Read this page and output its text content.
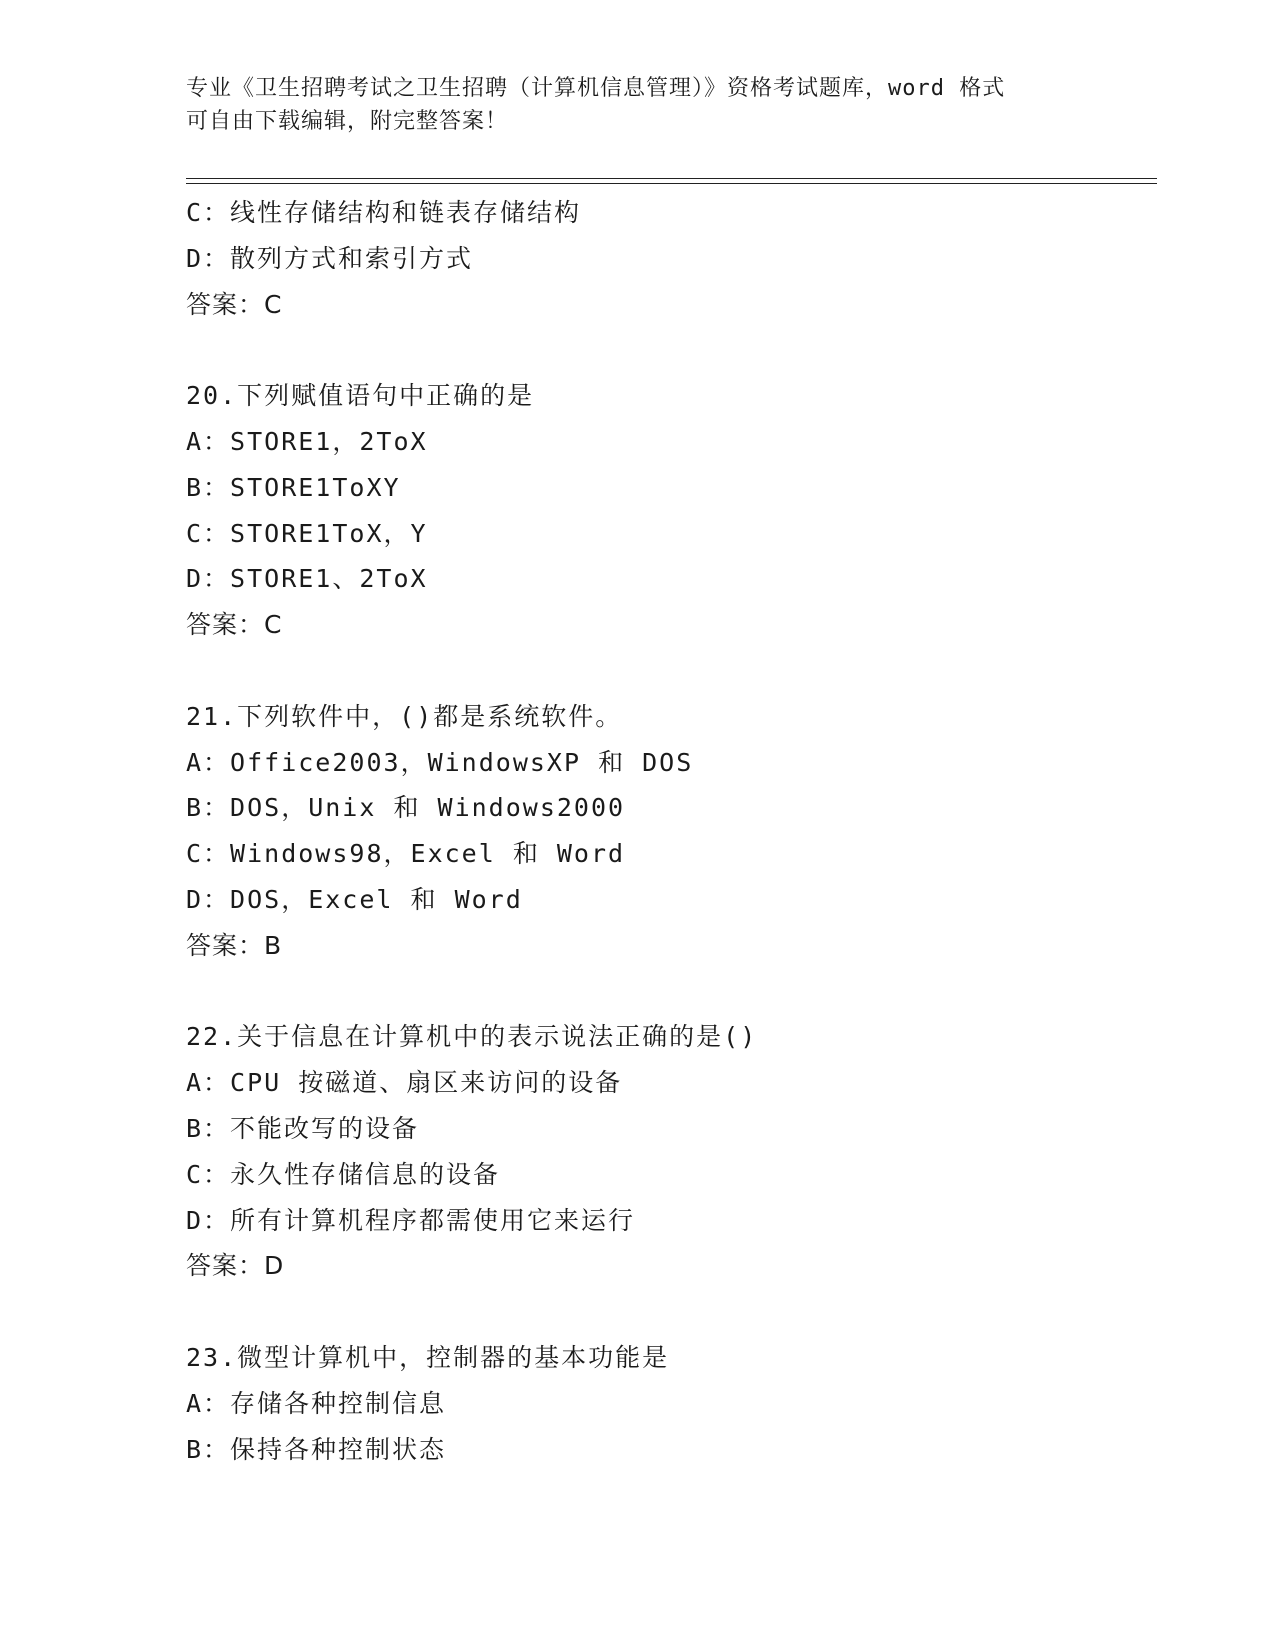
专业《卫生招聘考试之卫生招聘（计算机信息管理）》资格考试题库，word 格式
可自由下载编辑，附完整答案！
C：线性存储结构和链表存储结构
D：散列方式和索引方式
答案：C
20.下列赋值语句中正确的是
A：STORE1，2ToX
B：STORE1ToXY
C：STORE1ToX，Y
D：STORE1、2ToX
答案：C
21.下列软件中，()都是系统软件。
A：Office2003，WindowsXP 和 DOS
B：DOS，Unix 和 Windows2000
C：Windows98，Excel 和 Word
D：DOS，Excel 和 Word
答案：B
22.关于信息在计算机中的表示说法正确的是()
A：CPU 按磁道、扇区来访问的设备
B：不能改写的设备
C：永久性存储信息的设备
D：所有计算机程序都需使用它来运行
答案：D
23.微型计算机中，控制器的基本功能是
A：存储各种控制信息
B：保持各种控制状态
